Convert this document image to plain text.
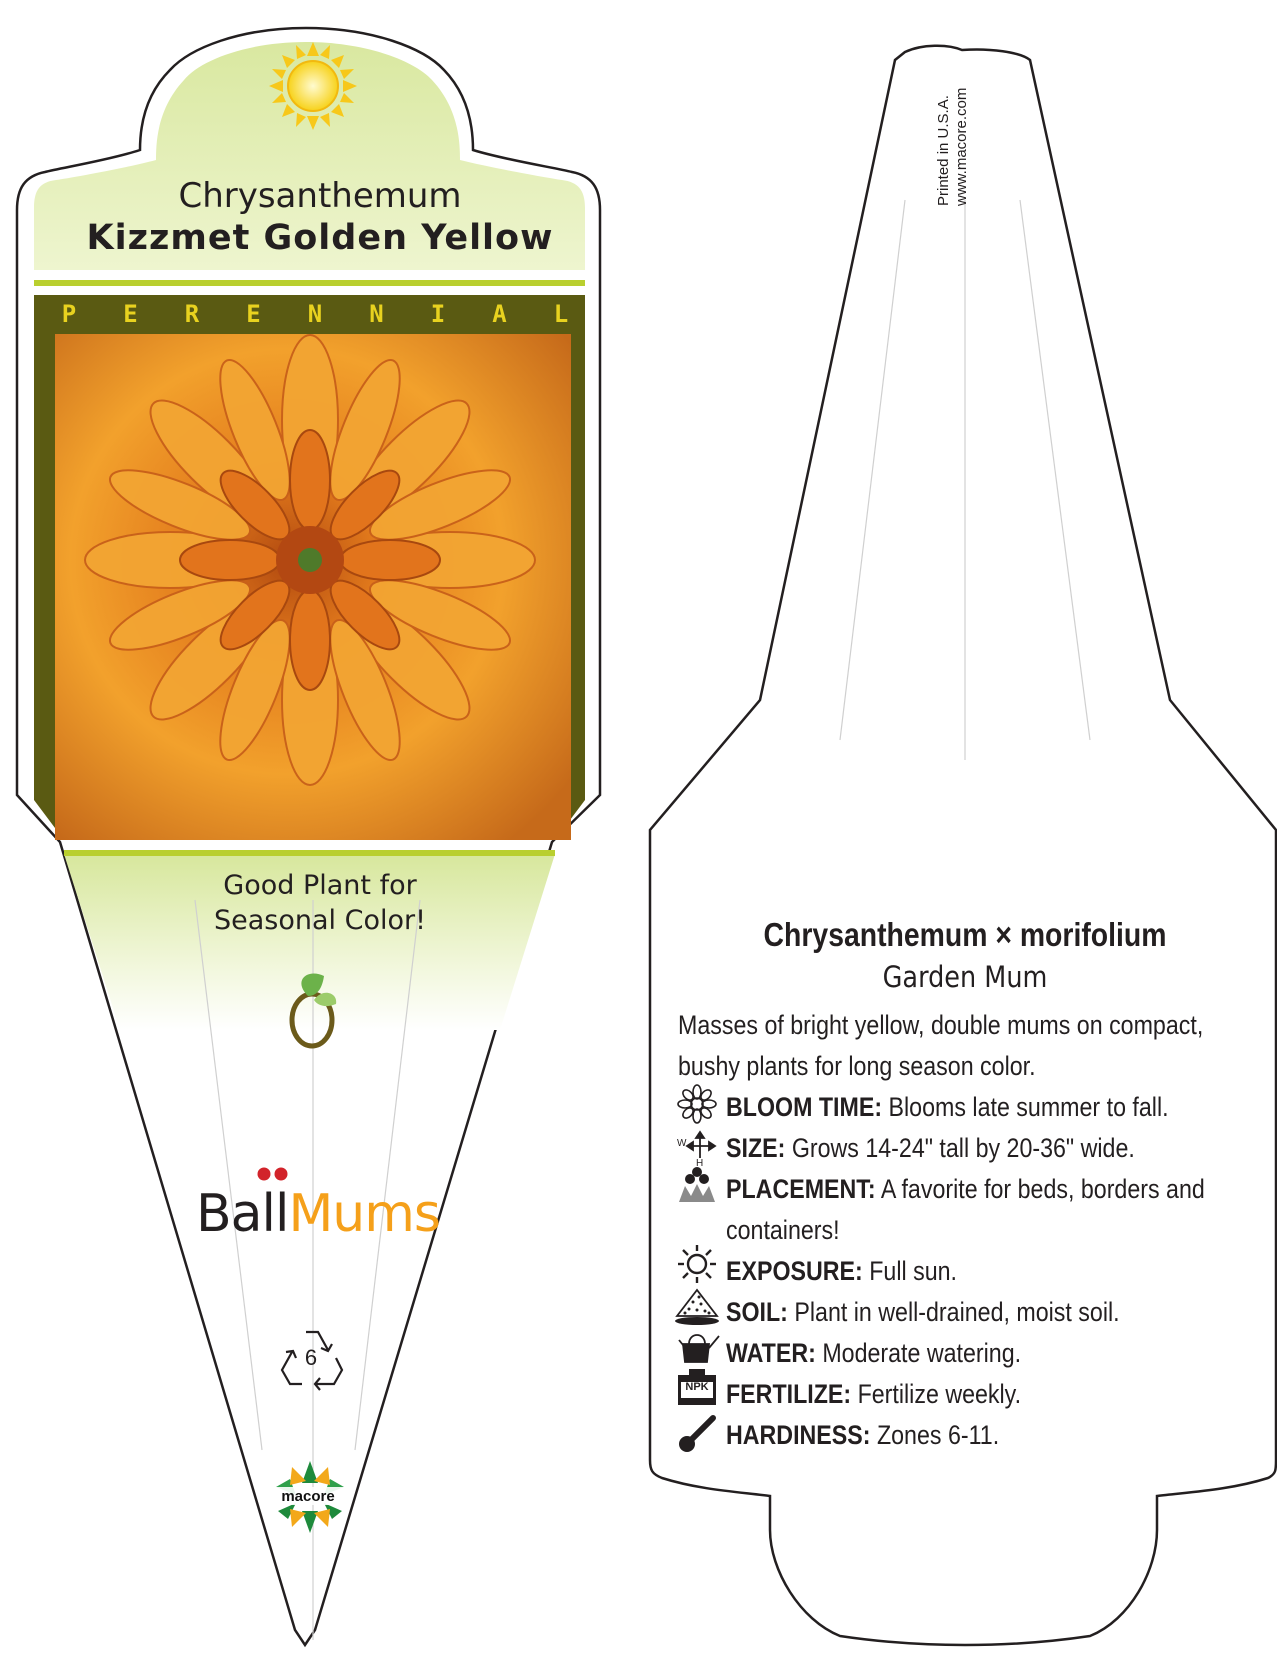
Chrysanthemum
Kizzmet Golden Yellow
P E R E N N I A L
Good Plant for
Seasonal Color!
BallMums
6
macore
Printed in U.S.A. www.macore.com
Chrysanthemum × morifolium
Garden Mum

Masses of bright yellow, double mums on compact, bushy plants for long season color.

BLOOM TIME: Blooms late summer to fall.
SIZE: Grows 14-24" tall by 20-36" wide.
PLACEMENT: A favorite for beds, borders and containers!
EXPOSURE: Full sun.
SOIL: Plant in well-drained, moist soil.
WATER: Moderate watering.
FERTILIZE: Fertilize weekly.
HARDINESS: Zones 6-11.
NPK
W
H
